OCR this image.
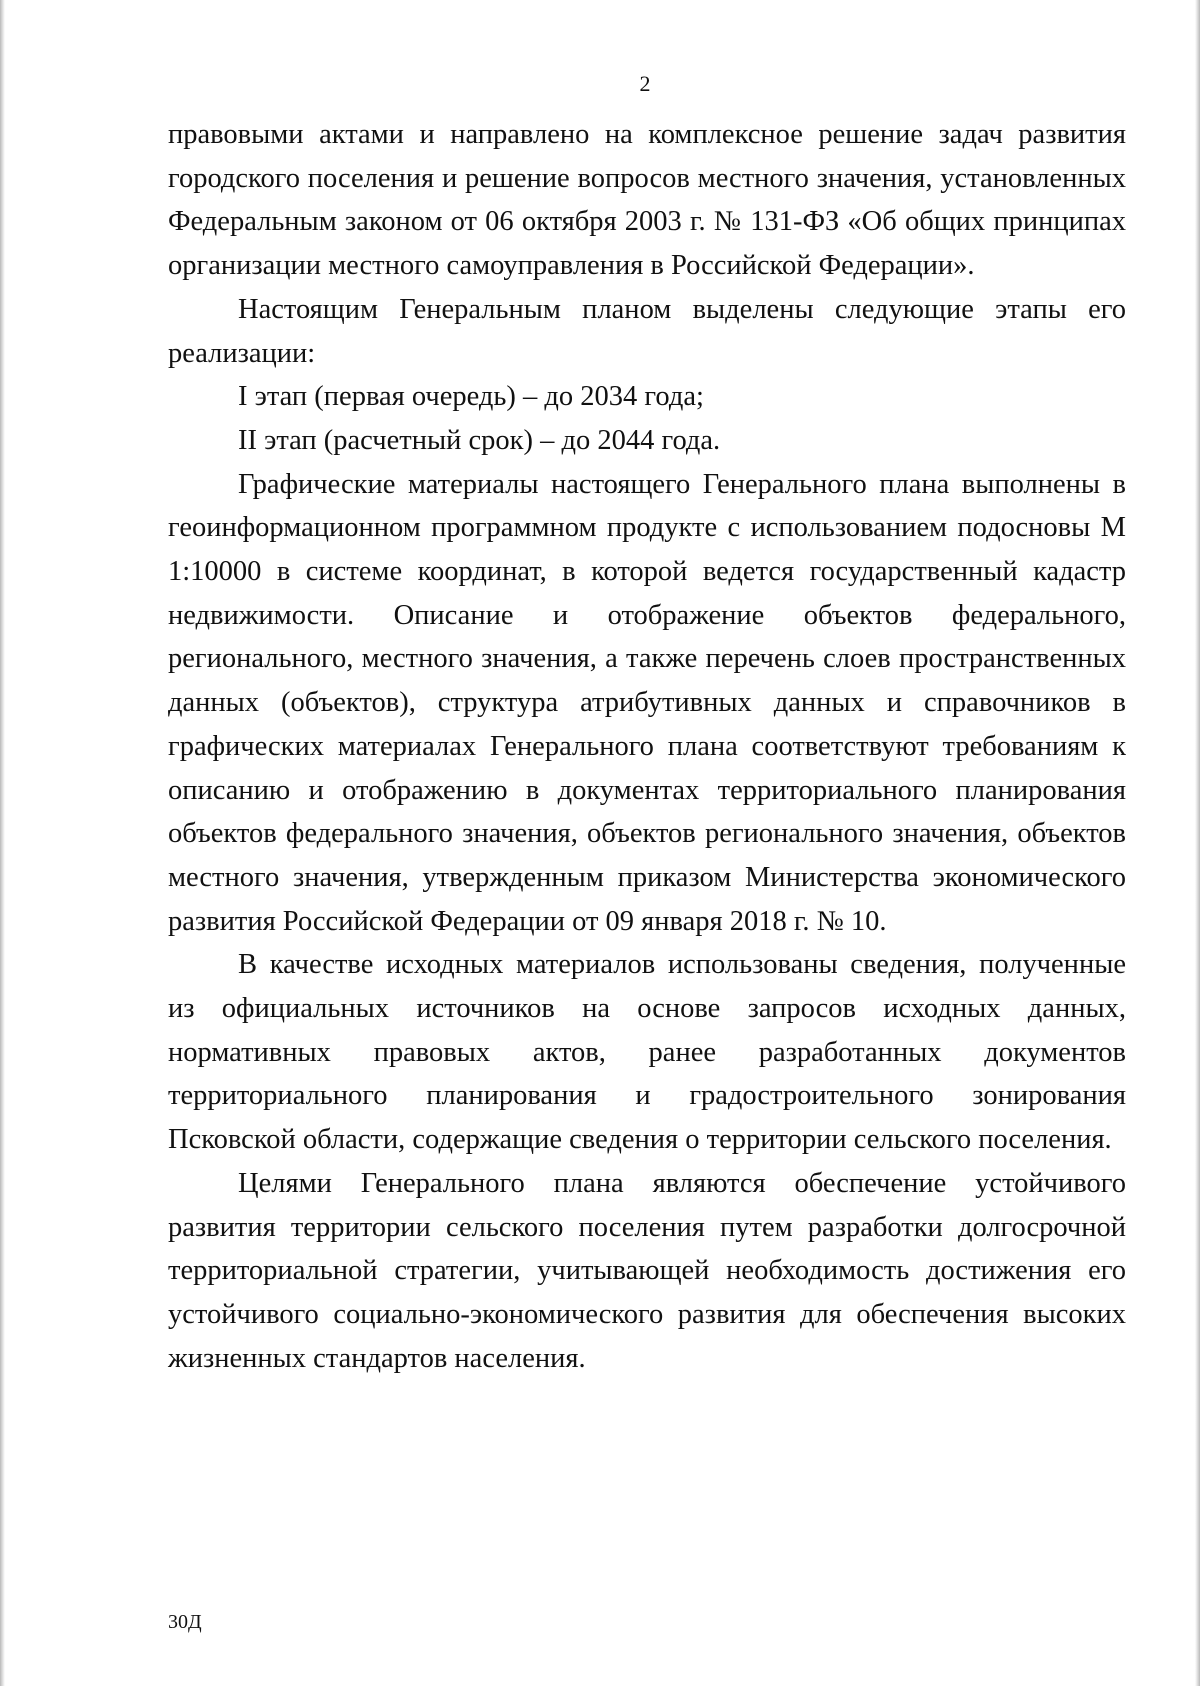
2

правовыми актами и направлено на комплексное решение задач развития городского поселения и решение вопросов местного значения, установленных Федеральным законом от 06 октября 2003 г. № 131-ФЗ «Об общих принципах организации местного самоуправления в Российской Федерации».

Настоящим Генеральным планом выделены следующие этапы его реализации:

I этап (первая очередь) – до 2034 года;

II этап (расчетный срок) – до 2044 года.

Графические материалы настоящего Генерального плана выполнены в геоинформационном программном продукте с использованием подосновы М 1:10000 в системе координат, в которой ведется государственный кадастр недвижимости. Описание и отображение объектов федерального, регионального, местного значения, а также перечень слоев пространственных данных (объектов), структура атрибутивных данных и справочников в графических материалах Генерального плана соответствуют требованиям к описанию и отображению в документах территориального планирования объектов федерального значения, объектов регионального значения, объектов местного значения, утвержденным приказом Министерства экономического развития Российской Федерации от 09 января 2018 г. № 10.

В качестве исходных материалов использованы сведения, полученные из официальных источников на основе запросов исходных данных, нормативных правовых актов, ранее разработанных документов территориального планирования и градостроительного зонирования Псковской области, содержащие сведения о территории сельского поселения.

Целями Генерального плана являются обеспечение устойчивого развития территории сельского поселения путем разработки долгосрочной территориальной стратегии, учитывающей необходимость достижения его устойчивого социально-экономического развития для обеспечения высоких жизненных стандартов населения.

30Д
